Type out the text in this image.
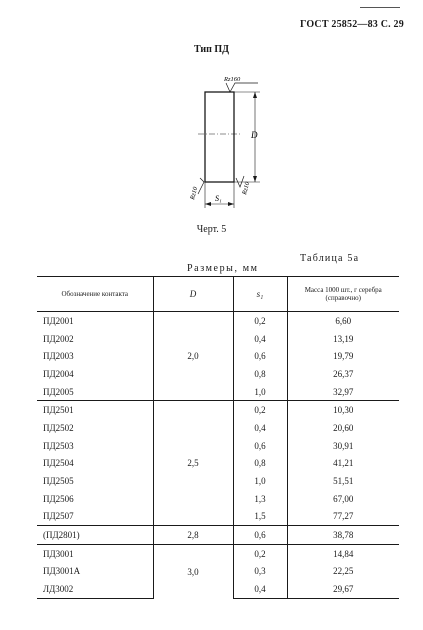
ГОСТ 25852—83 С. 29
Тип ПД
D
Rz160
S₁
Rz10	Rz10
Черт. 5
Таблица 5а
Размеры, мм
Обозначение контакта	D	s₁	Масса 1000 шт., г серебра (справочно)
ПД2001	2,0	0,2	6,60
ПД2002		0,4	13,19
ПД2003		0,6	19,79
ПД2004		0,8	26,37
ПД2005		1,0	32,97
ПД2501	2,5	0,2	10,30
ПД2502		0,4	20,60
ПД2503		0,6	30,91
ПД2504		0,8	41,21
ПД2505		1,0	51,51
ПД2506		1,3	67,00
ПД2507		1,5	77,27
(ПД2801)	2,8	0,6	38,78
ПД3001	3,0	0,2	14,84
ПД3001А		0,3	22,25
ЛД3002		0,4	29,67
